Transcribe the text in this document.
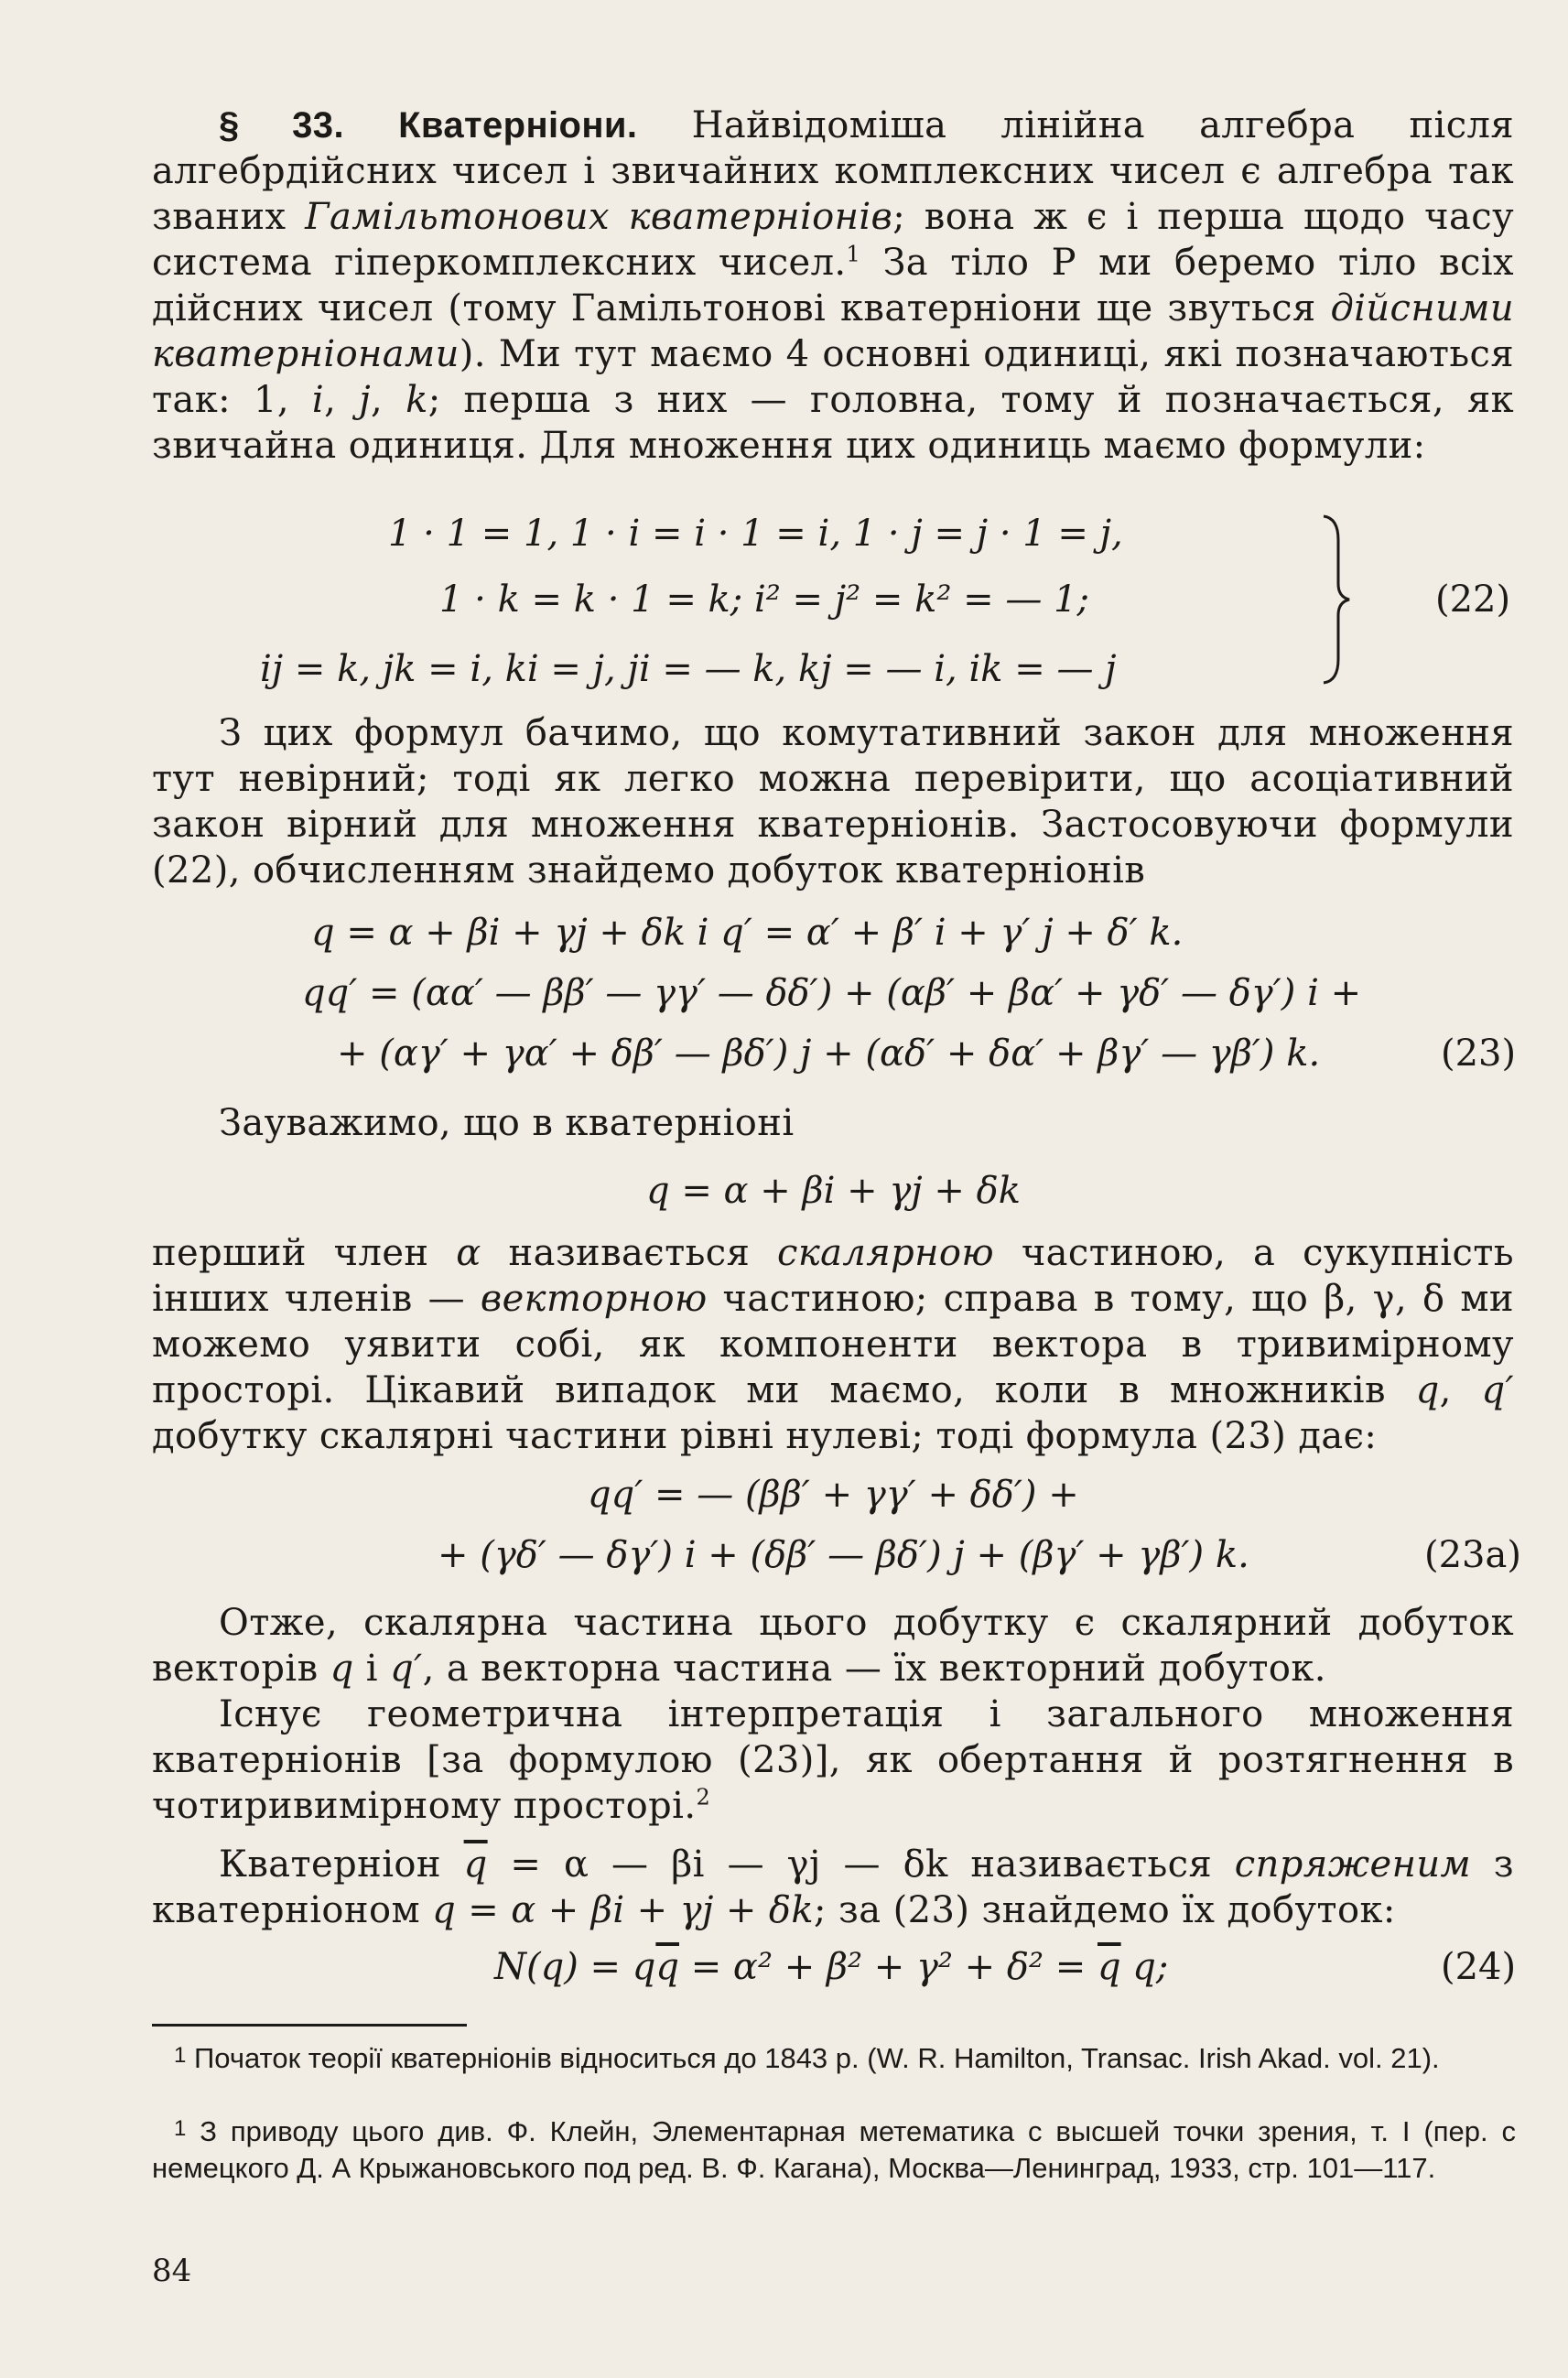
§ 33. Кватерніони. Найвідоміша лінійна алгебра після алгебрдійсних чисел і звичайних комплексних чисел є алгебра так званих Гамільтонових кватерніонів; вона ж є і перша щодо часу система гіперкомплексних чисел.$^1$ За тіло P ми беремо тіло всіх дійсних чисел (тому Гамільтонові кватерніони ще звуться дійсними кватерніонами). Ми тут маємо 4 основні одиниці, які позначаються так: 1, i, j, k; перша з них — головна, тому й позначається, як звичайна одиниця. Для множення цих одиниць маємо формули:

1 · 1 = 1, 1 · i = i · 1 = i, 1 · j = j · 1 = j,
1 · k = k · 1 = k; i² = j² = k² = — 1;
ij = k, jk = i, ki = j, ji = — k, kj = — i, ik = — j
(22)

З цих формул бачимо, що комутативний закон для множення тут невірний; тоді як легко можна перевірити, що асоціативний закон вірний для множення кватерніонів. Застосовуючи формули (22), обчисленням знайдемо добуток кватерніонів

q = α + βi + γj + δk і q′ = α′ + β′ i + γ′ j + δ′ k.
qq′ = (αα′ — ββ′ — γγ′ — δδ′) + (αβ′ + βα′ + γδ′ — δγ′) i +
+ (αγ′ + γα′ + δβ′ — βδ′) j + (αδ′ + δα′ + βγ′ — γβ′) k.	(23)

Зауважимо, що в кватерніоні

q = α + βi + γj + δk

перший член α називається скалярною частиною, а сукупність інших членів — векторною частиною; справа в тому, що β, γ, δ ми можемо уявити собі, як компоненти вектора в тривимірному просторі. Цікавий випадок ми маємо, коли в множників q, q′ добутку скалярні частини рівні нулеві; тоді формула (23) дає:

qq′ = — (ββ′ + γγ′ + δδ′) +
+ (γδ′ — δγ′) i + (δβ′ — βδ′) j + (βγ′ + γβ′) k.	(23a)

Отже, скалярна частина цього добутку є скалярний добуток векторів q і q′, а векторна частина — їх векторний добуток.

Існує геометрична інтерпретація і загального множення кватерніонів [за формулою (23)], як обертання й розтягнення в чотиривимірному просторі.$^2$

Кватерніон $\overline{q} = \alpha$ — βi — γj — δk називається спряженим з кватерніоном q = α + βi + γj + δk; за (23) знайдемо їх добуток:

$N(q) = q\overline{q} = \alpha^2 + \beta^2 + \gamma^2 + \delta^2 = \overline{q}$ q;	(24)

1 Початок теорії кватерніонів відноситься до 1843 р. (W. R. Hamilton, Transac. Irish Akad. vol. 21).

1 З приводу цього див. Ф. Клейн, Элементарная метематика с высшей точки зрения, т. I (пер. с немецкого Д. А Крыжановського под ред. В. Ф. Кагана), Москва—Ленинград, 1933, стр. 101—117.

84
